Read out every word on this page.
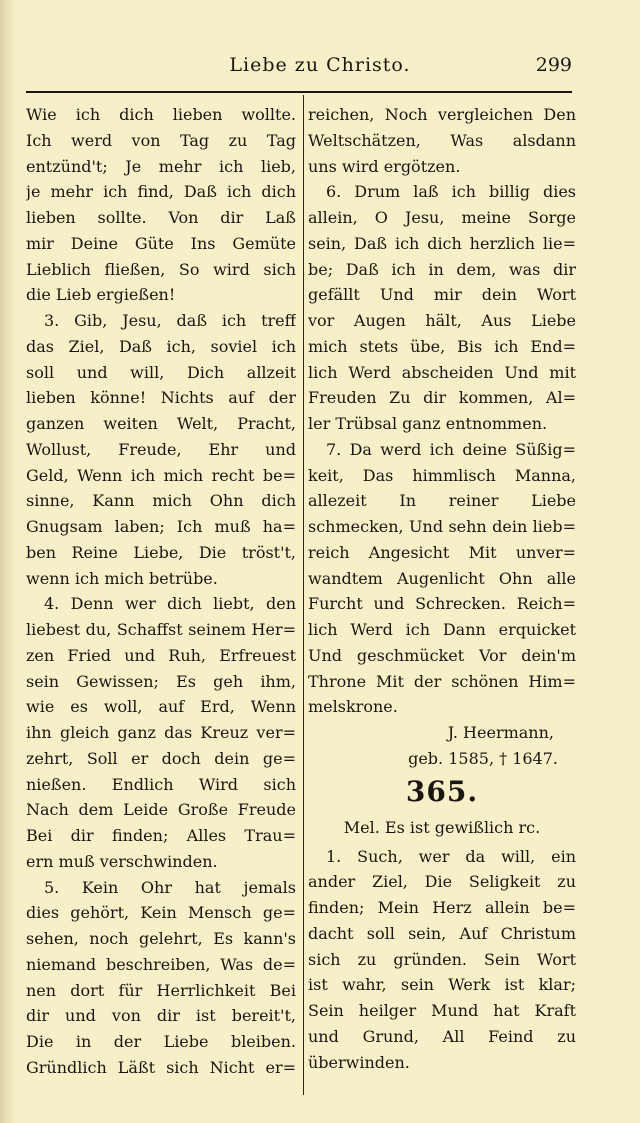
Liebe zu Christo.	299
Wie ich dich lieben wollte.
Ich werd von Tag zu Tag
entzünd't; Je mehr ich lieb,
je mehr ich find, Daß ich dich
lieben sollte. Von dir Laß
mir Deine Güte Ins Gemüte
Lieblich fließen, So wird sich
die Lieb ergießen!
3. Gib, Jesu, daß ich treff
das Ziel, Daß ich, soviel ich
soll und will, Dich allzeit
lieben könne! Nichts auf der
ganzen weiten Welt, Pracht,
Wollust, Freude, Ehr und
Geld, Wenn ich mich recht be=
sinne, Kann mich Ohn dich
Gnugsam laben; Ich muß ha=
ben Reine Liebe, Die tröst't,
wenn ich mich betrübe.
4. Denn wer dich liebt, den
liebest du, Schaffst seinem Her=
zen Fried und Ruh, Erfreuest
sein Gewissen; Es geh ihm,
wie es woll, auf Erd, Wenn
ihn gleich ganz das Kreuz ver=
zehrt, Soll er doch dein ge=
nießen. Endlich Wird sich
Nach dem Leide Große Freude
Bei dir finden; Alles Trau=
ern muß verschwinden.
5. Kein Ohr hat jemals
dies gehört, Kein Mensch ge=
sehen, noch gelehrt, Es kann's
niemand beschreiben, Was de=
nen dort für Herrlichkeit Bei
dir und von dir ist bereit't,
Die in der Liebe bleiben.
Gründlich Läßt sich Nicht er=
reichen, Noch vergleichen Den
Weltschätzen, Was alsdann
uns wird ergötzen.
6. Drum laß ich billig dies
allein, O Jesu, meine Sorge
sein, Daß ich dich herzlich lie=
be; Daß ich in dem, was dir
gefällt Und mir dein Wort
vor Augen hält, Aus Liebe
mich stets übe, Bis ich End=
lich Werd abscheiden Und mit
Freuden Zu dir kommen, Al=
ler Trübsal ganz entnommen.
7. Da werd ich deine Süßig=
keit, Das himmlisch Manna,
allezeit In reiner Liebe
schmecken, Und sehn dein lieb=
reich Angesicht Mit unver=
wandtem Augenlicht Ohn alle
Furcht und Schrecken. Reich=
lich Werd ich Dann erquicket
Und geschmücket Vor dein'm
Throne Mit der schönen Him=
melskrone.
J. Heermann,
geb. 1585, † 1647.
365.
Mel. Es ist gewißlich rc.
1. Such, wer da will, ein
ander Ziel, Die Seligkeit zu
finden; Mein Herz allein be=
dacht soll sein, Auf Christum
sich zu gründen. Sein Wort
ist wahr, sein Werk ist klar;
Sein heilger Mund hat Kraft
und Grund, All Feind zu
überwinden.
